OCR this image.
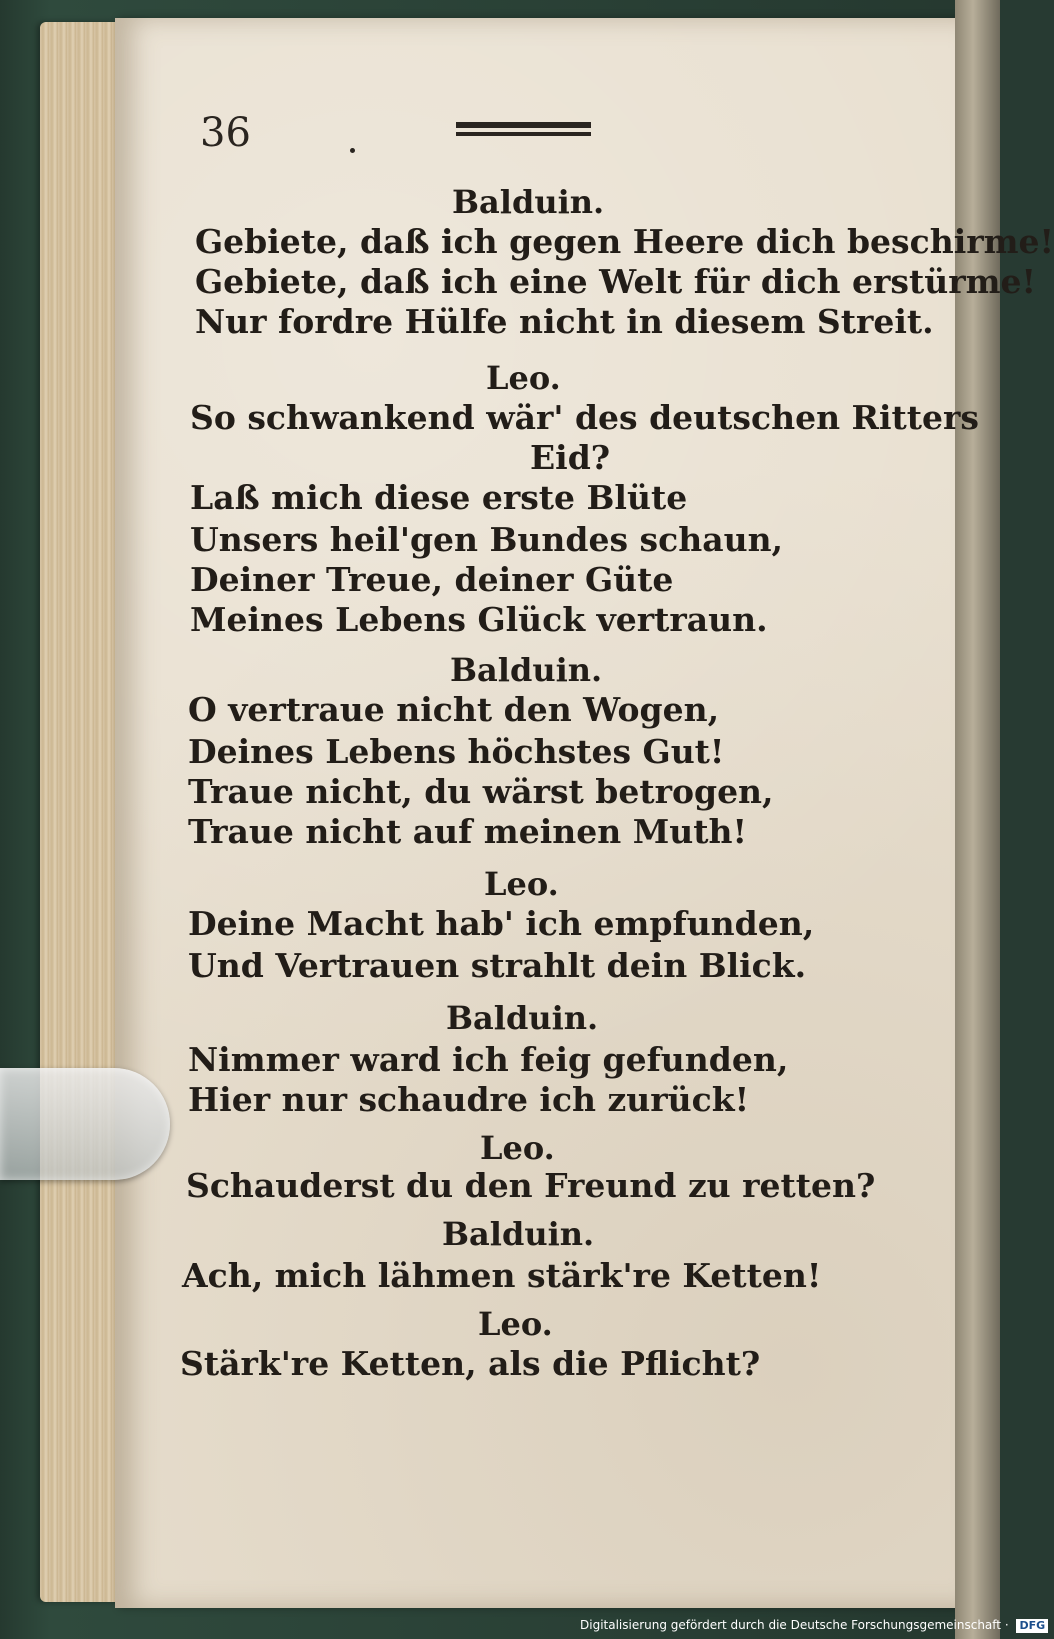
36
Balduin.
Gebiete, daß ich gegen Heere dich beschirme!
Gebiete, daß ich eine Welt für dich erstürme!
Nur fordre Hülfe nicht in diesem Streit.
Leo.
So schwankend wär' des deutschen Ritters
Eid?
Laß mich diese erste Blüte
Unsers heil'gen Bundes schaun,
Deiner Treue, deiner Güte
Meines Lebens Glück vertraun.
Balduin.
O vertraue nicht den Wogen,
Deines Lebens höchstes Gut!
Traue nicht, du wärst betrogen,
Traue nicht auf meinen Muth!
Leo.
Deine Macht hab' ich empfunden,
Und Vertrauen strahlt dein Blick.
Balduin.
Nimmer ward ich feig gefunden,
Hier nur schaudre ich zurück!
Leo.
Schauderst du den Freund zu retten?
Balduin.
Ach, mich lähmen stärk're Ketten!
Leo.
Stärk're Ketten, als die Pflicht?
Digitalisierung gefördert durch die Deutsche Forschungsgemeinschaft · DFG
